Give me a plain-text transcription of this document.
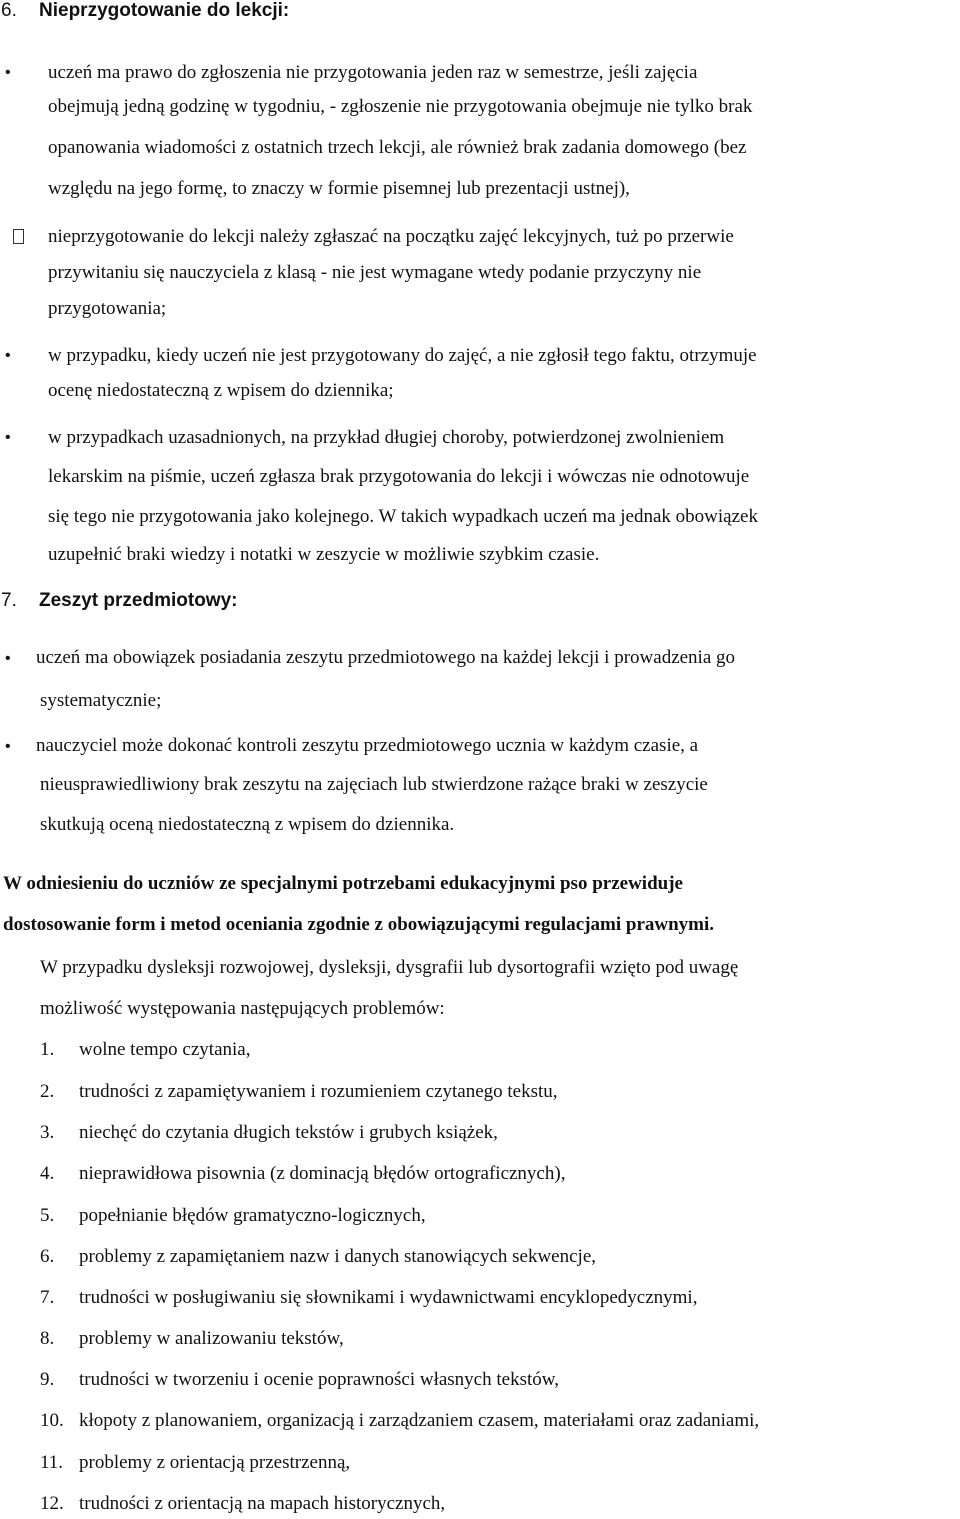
6. Nieprzygotowanie do lekcji:
• uczeń ma prawo do zgłoszenia nie przygotowania jeden raz w semestrze, jeśli zajęcia
obejmują jedną godzinę w tygodniu, - zgłoszenie nie przygotowania obejmuje nie tylko brak
opanowania wiadomości z ostatnich trzech lekcji, ale również brak zadania domowego (bez
względu na jego formę, to znaczy w formie pisemnej lub prezentacji ustnej),
nieprzygotowanie do lekcji należy zgłaszać na początku zajęć lekcyjnych, tuż po przerwie
przywitaniu się nauczyciela z klasą - nie jest wymagane wtedy podanie przyczyny nie
przygotowania;
• w przypadku, kiedy uczeń nie jest przygotowany do zajęć, a nie zgłosił tego faktu, otrzymuje
ocenę niedostateczną z wpisem do dziennika;
• w przypadkach uzasadnionych, na przykład długiej choroby, potwierdzonej zwolnieniem
lekarskim na piśmie, uczeń zgłasza brak przygotowania do lekcji i wówczas nie odnotowuje
się tego nie przygotowania jako kolejnego. W takich wypadkach uczeń ma jednak obowiązek
uzupełnić braki wiedzy i notatki w zeszycie w możliwie szybkim czasie.
7. Zeszyt przedmiotowy:
• uczeń ma obowiązek posiadania zeszytu przedmiotowego na każdej lekcji i prowadzenia go
systematycznie;
• nauczyciel może dokonać kontroli zeszytu przedmiotowego ucznia w każdym czasie, a
nieusprawiedliwiony brak zeszytu na zajęciach lub stwierdzone rażące braki w zeszycie
skutkują oceną niedostateczną z wpisem do dziennika.
W odniesieniu do uczniów ze specjalnymi potrzebami edukacyjnymi pso przewiduje
dostosowanie form i metod oceniania zgodnie z obowiązującymi regulacjami prawnymi.
W przypadku dysleksji rozwojowej, dysleksji, dysgrafii lub dysortografii wzięto pod uwagę
możliwość występowania następujących problemów:
1. wolne tempo czytania,
2. trudności z zapamiętywaniem i rozumieniem czytanego tekstu,
3. niechęć do czytania długich tekstów i grubych książek,
4. nieprawidłowa pisownia (z dominacją błędów ortograficznych),
5. popełnianie błędów gramatyczno-logicznych,
6. problemy z zapamiętaniem nazw i danych stanowiących sekwencje,
7. trudności w posługiwaniu się słownikami i wydawnictwami encyklopedycznymi,
8. problemy w analizowaniu tekstów,
9. trudności w tworzeniu i ocenie poprawności własnych tekstów,
10. kłopoty z planowaniem, organizacją i zarządzaniem czasem, materiałami oraz zadaniami,
11. problemy z orientacją przestrzenną,
12. trudności z orientacją na mapach historycznych,
